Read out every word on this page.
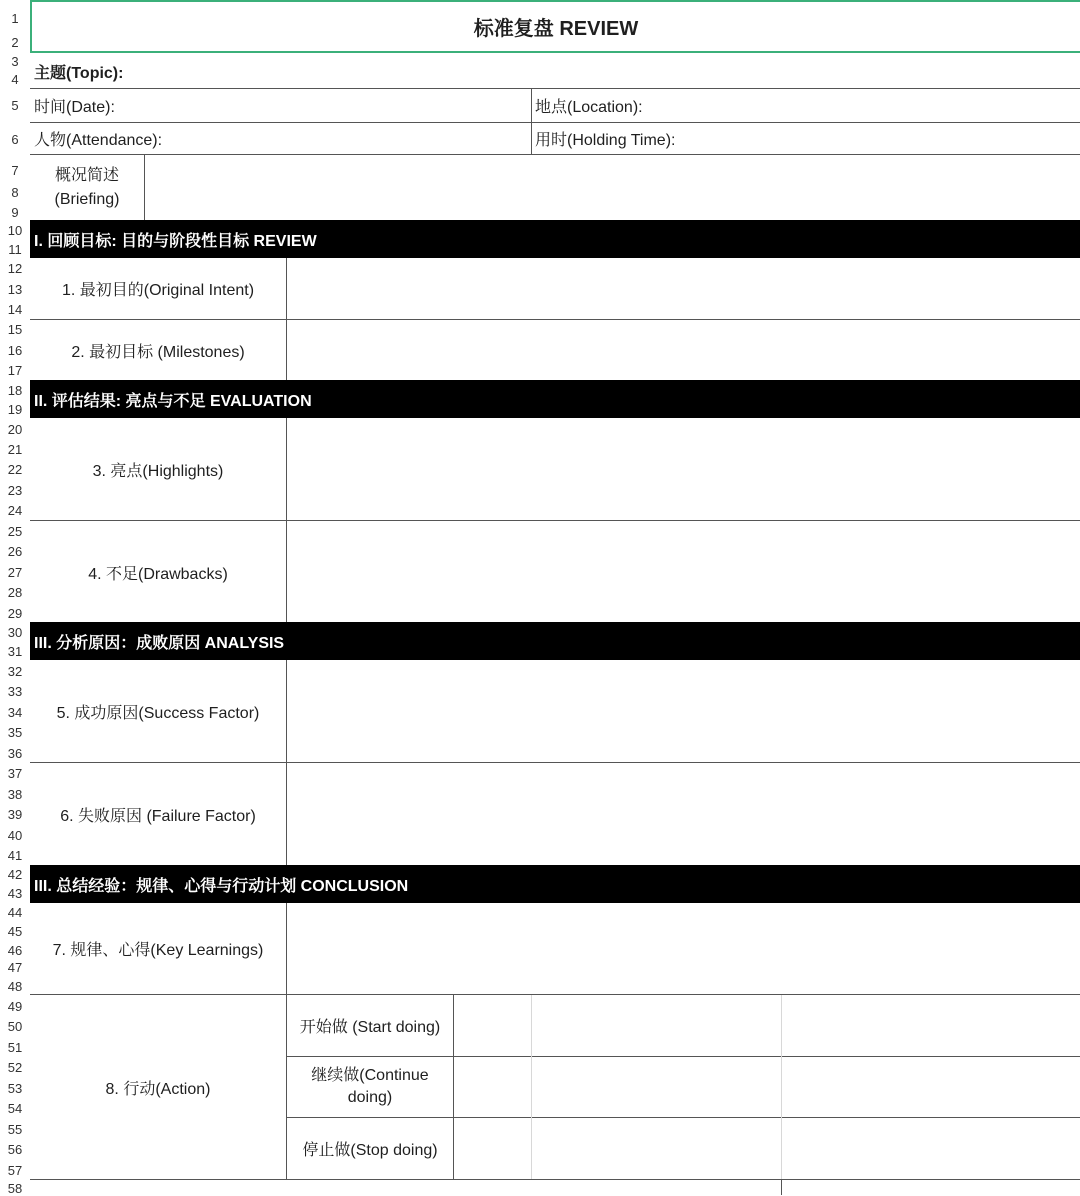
1
2
3
4
5
6
7
8
9
10
11
12
13
14
15
16
17
18
19
20
21
22
23
24
25
26
27
28
29
30
31
32
33
34
35
36
37
38
39
40
41
42
43
44
45
46
47
48
49
50
51
52
53
54
55
56
57
58
标准复盘 REVIEW
主题(Topic):
时间(Date):	地点(Location):
人物(Attendance):	用时(Holding Time):
概况简述
(Briefing)
I. 回顾目标: 目的与阶段性目标 REVIEW
1. 最初目的(Original Intent)
2. 最初目标 (Milestones)
II. 评估结果: 亮点与不足 EVALUATION
3. 亮点(Highlights)
4. 不足(Drawbacks)
III. 分析原因：成败原因 ANALYSIS
5. 成功原因(Success Factor)
6. 失败原因 (Failure Factor)
III. 总结经验：规律、心得与行动计划 CONCLUSION
7. 规律、心得(Key Learnings)
8. 行动(Action)
开始做 (Start doing)
继续做(Continue
doing)
停止做(Stop doing)
